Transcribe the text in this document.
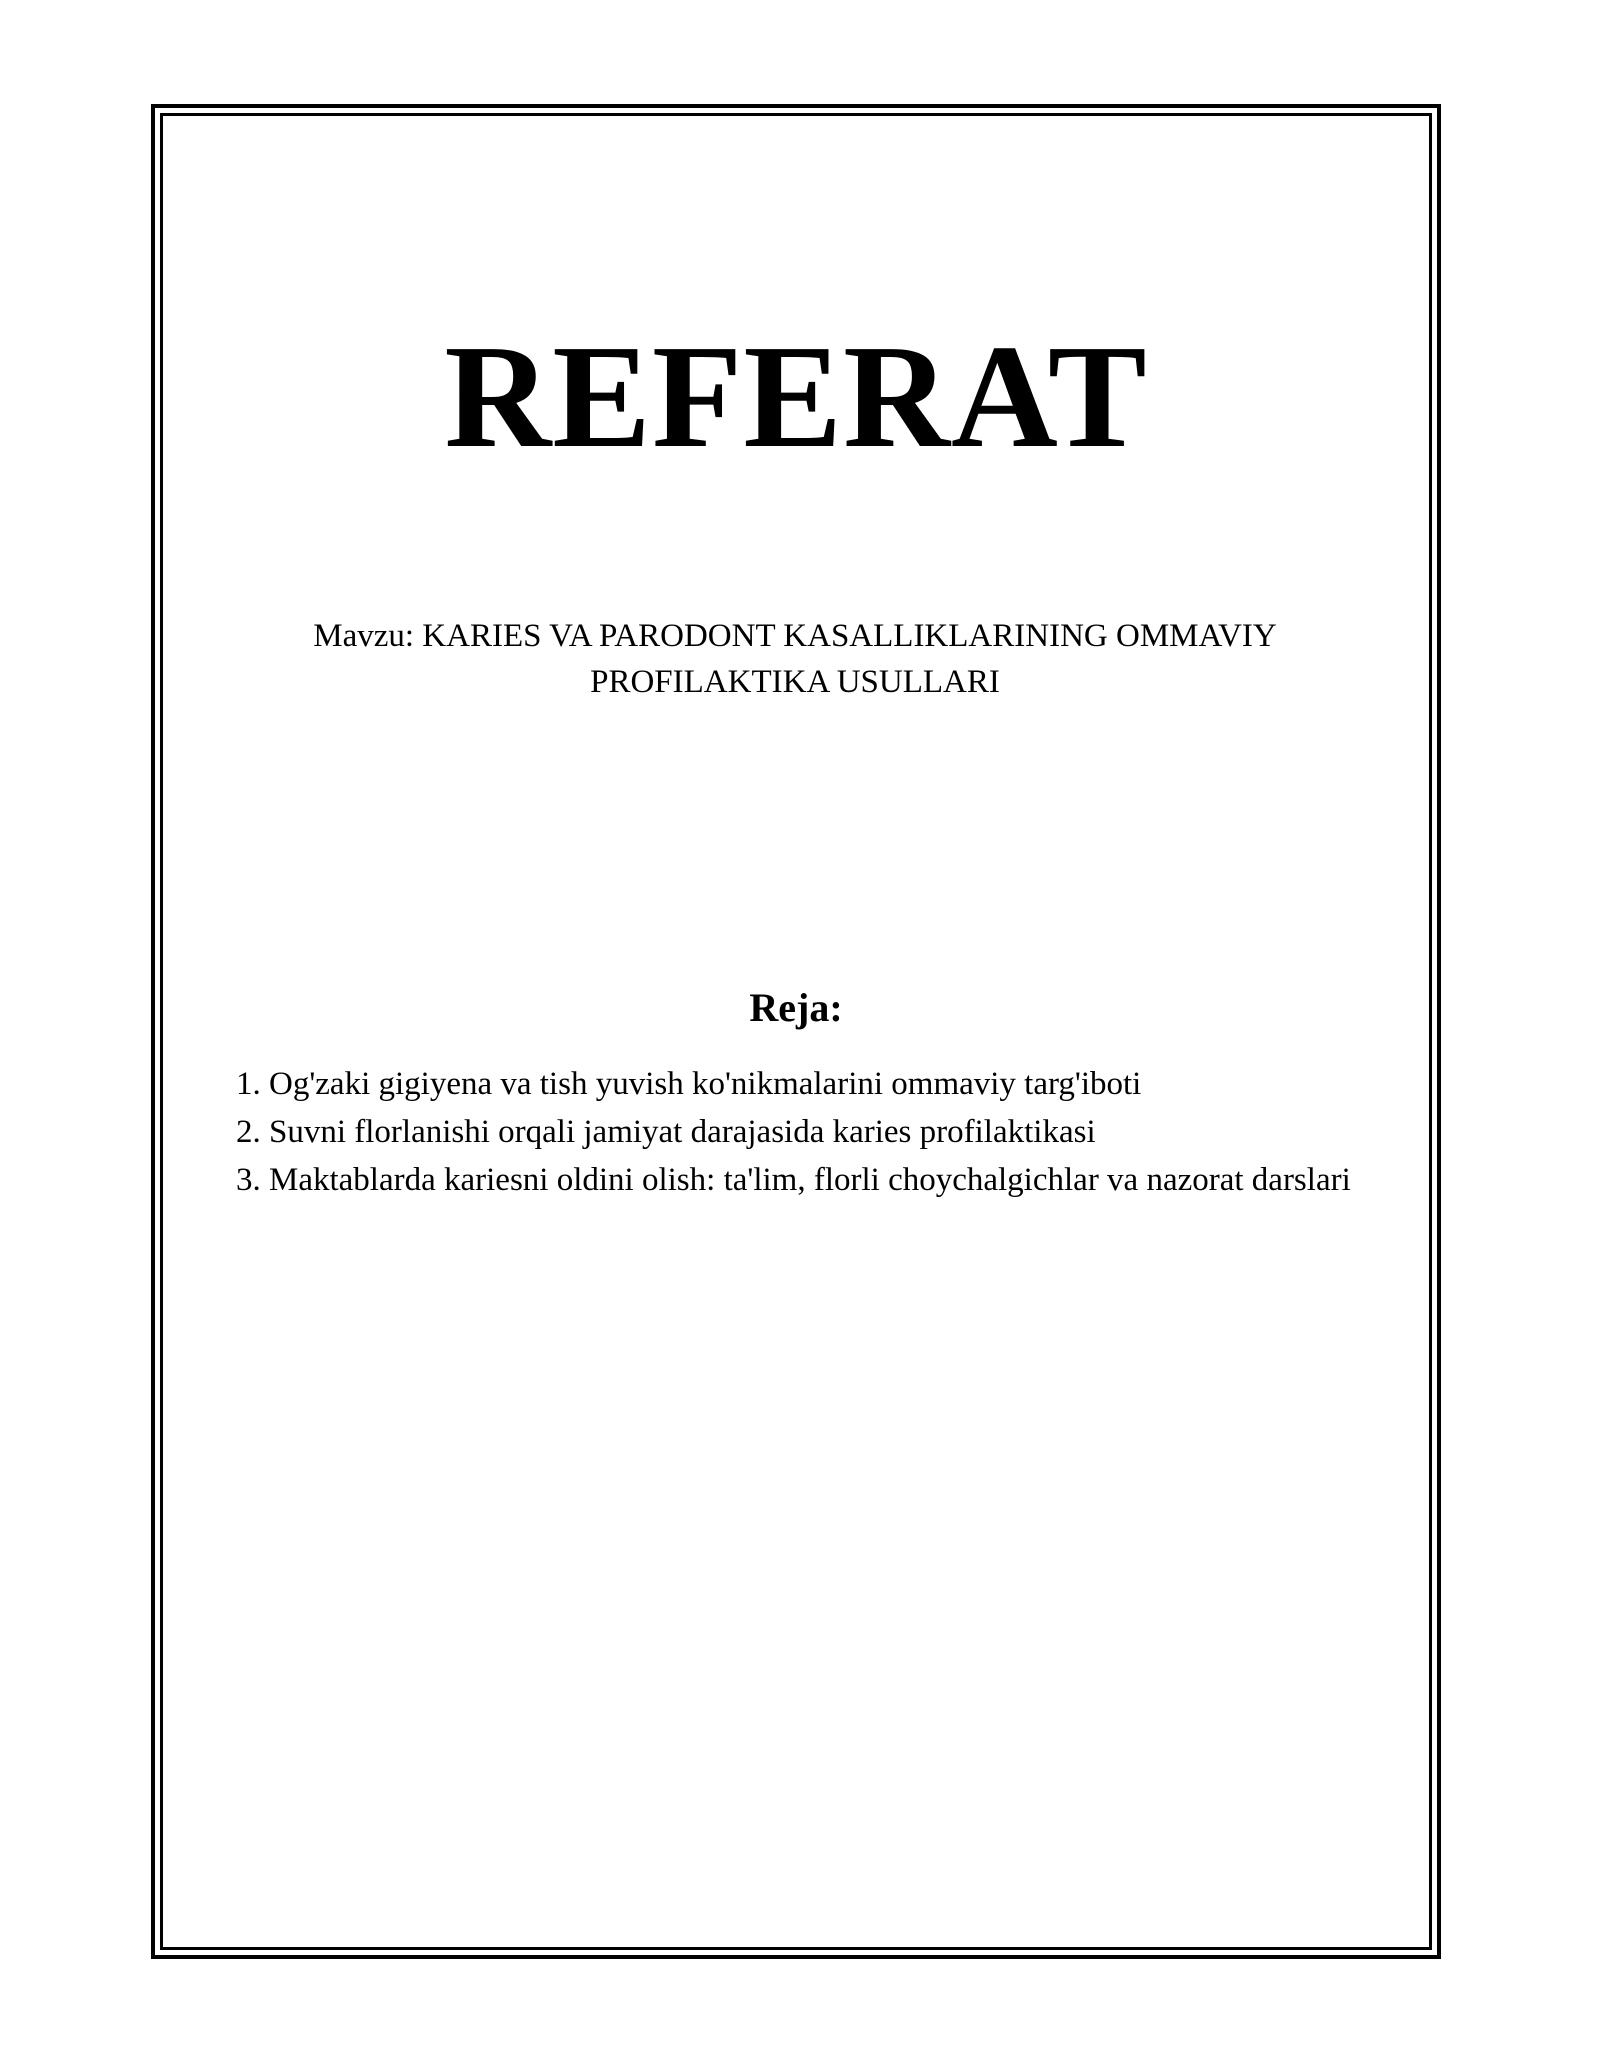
REFERAT

Mavzu: KARIES VA PARODONT KASALLIKLARINING OMMAVIY PROFILAKTIKA USULLARI

Reja:
1. Og'zaki gigiyena va tish yuvish ko'nikmalarini ommaviy targ'iboti
2. Suvni florlanishi orqali jamiyat darajasida karies profilaktikasi
3. Maktablarda kariesni oldini olish: ta'lim, florli choychalgichlar va nazorat darslari
